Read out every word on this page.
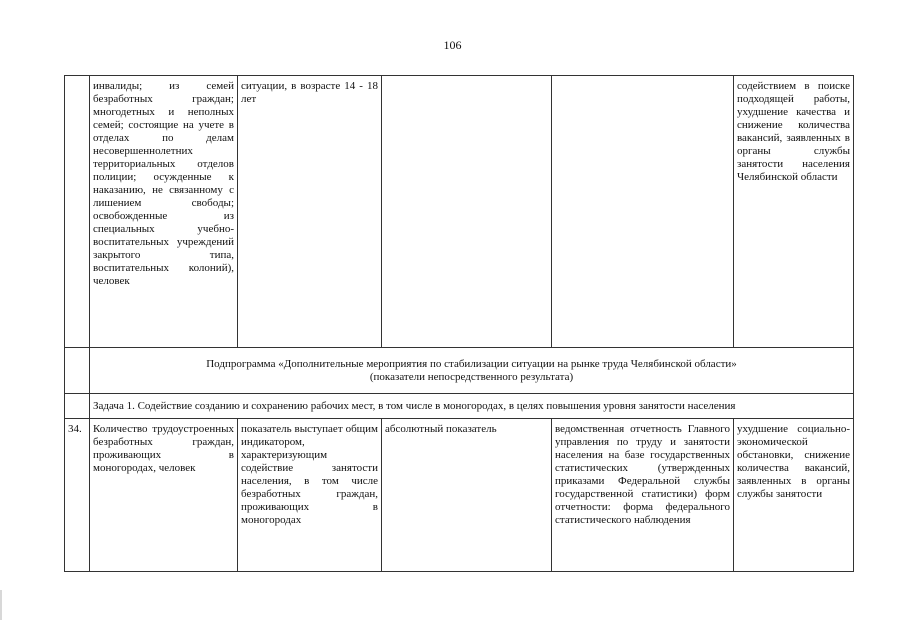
106
	инвалиды; из семей безработных граждан; многодетных и неполных семей; состоящие на учете в отделах по делам несовершеннолетних территориальных отделов полиции; осужденные к наказанию, не связанному с лишением свободы; освобожденные из специальных учебно-воспитательных учреждений закрытого типа, воспитательных колоний), человек	ситуации, в возрасте 14 - 18 лет			содействием в поиске подходящей работы, ухудшение качества и снижение количества вакансий, заявленных в органы службы занятости населения Челябинской области

	Подпрограмма «Дополнительные мероприятия по стабилизации ситуации на рынке труда Челябинской области»
(показатели непосредственного результата)				

	Задача 1. Содействие созданию и сохранению рабочих мест, в том числе в моногородах, в целях повышения уровня занятости населения				
34.	Количество трудоустроенных безработных граждан, проживающих в моногородах, человек	показатель выступает общим индикатором, характеризующим содействие занятости населения, в том числе безработных граждан, проживающих в моногородах	абсолютный показатель	ведомственная отчетность Главного управления по труду и занятости населения на базе государственных статистических (утвержденных приказами Федеральной службы государственной статистики) форм отчетности: форма федерального статистического наблюдения	ухудшение социально-экономической обстановки, снижение количества вакансий, заявленных в органы службы занятости
